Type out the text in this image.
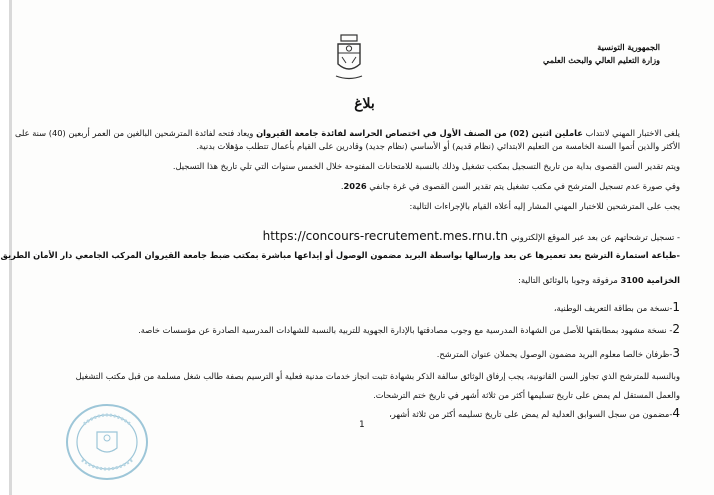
الجمهورية التونسية
وزارة التعليم العالي والبحث العلمي
بلاغ
يلغى الاختبار المهني لانتداب عاملين اثنين (02) من الصنف الأول في اختصاص الحراسة لفائدة جامعة القيروان ويعاد فتحه لفائدة المترشحين البالغين من العمر أربعين (40) سنة على
الأكثر والذين أتموا السنة الخامسة من التعليم الابتدائي (نظام قديم) أو الأساسي (نظام جديد) وقادرين على القيام بأعمال تتطلب مؤهلات بدنية.
ويتم تقدير السن القصوى بداية من تاريخ التسجيل بمكتب تشغيل وذلك بالنسبة للامتحانات المفتوحة خلال الخمس سنوات التي تلي تاريخ هذا التسجيل.
وفي صورة عدم تسجيل المترشح في مكتب تشغيل يتم تقدير السن القصوى في غرة جانفي 2026.
يجب على المترشحين للاختبار المهني المشار إليه أعلاه القيام بالإجراءات التالية:
- تسجيل ترشحاتهم عن بعد عبر الموقع الإلكتروني https://concours-recrutement.mes.rnu.tn
-طباعة استمارة الترشح بعد تعميرها عن بعد وإرسالها بواسطة البريد مضمون الوصول أو إيداعها مباشرة بمكتب ضبط جامعة القيروان المركب الجامعي دار الأمان الطريق
الخزامية 3100 مرفوقة وجوبا بالوثائق التالية:
1-نسخة من بطاقة التعريف الوطنية،
2- نسخة مشهود بمطابقتها للأصل من الشهادة المدرسية مع وجوب مصادقتها بالإدارة الجهوية للتربية بالنسبة للشهادات المدرسية الصادرة عن مؤسسات خاصة.
3-ظرفان خالصا معلوم البريد مضمون الوصول يحملان عنوان المترشح.
وبالنسبة للمترشح الذي تجاوز السن القانونية، يجب إرفاق الوثائق سالفة الذكر بشهادة تثبت انجاز خدمات مدنية فعلية أو الترسيم بصفة طالب شغل مسلمة من قبل مكتب التشغيل
والعمل المستقل لم يمض على تاريخ تسليمها أكثر من ثلاثة أشهر في تاريخ ختم الترشحات.
4-مضمون من سجل السوابق العدلية لم يمض على تاريخ تسليمه أكثر من ثلاثة أشهر،
1
